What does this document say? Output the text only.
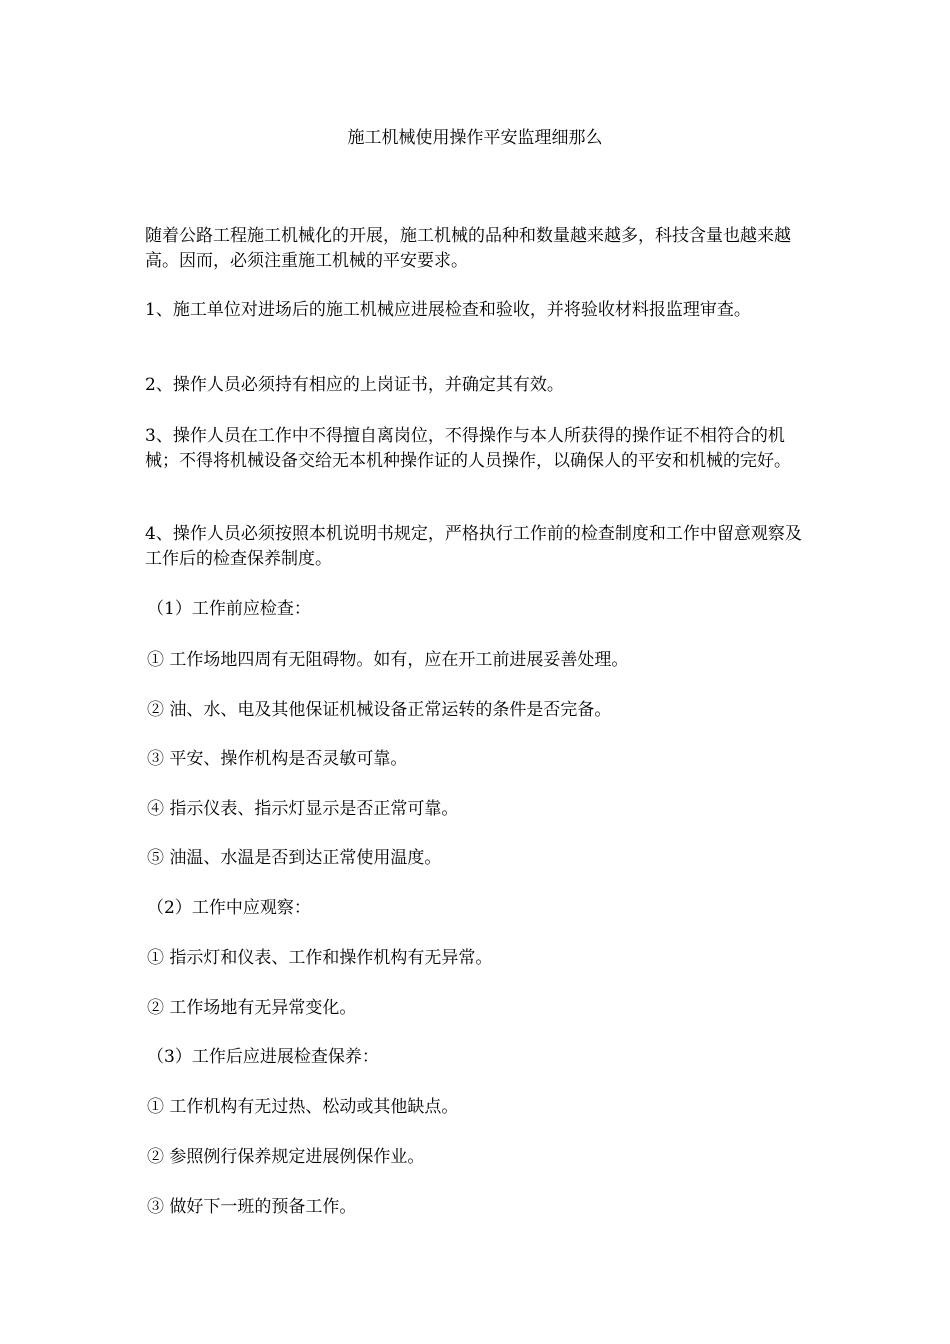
施工机械使用操作平安监理细那么

随着公路工程施工机械化的开展，施工机械的品种和数量越来越多，科技含量也越来越高。因而，必须注重施工机械的平安要求。

1、施工单位对进场后的施工机械应进展检查和验收，并将验收材料报监理审查。

2、操作人员必须持有相应的上岗证书，并确定其有效。

3、操作人员在工作中不得擅自离岗位，不得操作与本人所获得的操作证不相符合的机械；不得将机械设备交给无本机种操作证的人员操作，以确保人的平安和机械的完好。

4、操作人员必须按照本机说明书规定，严格执行工作前的检查制度和工作中留意观察及工作后的检查保养制度。

（1）工作前应检查：

① 工作场地四周有无阻碍物。如有，应在开工前进展妥善处理。

② 油、水、电及其他保证机械设备正常运转的条件是否完备。

③ 平安、操作机构是否灵敏可靠。

④ 指示仪表、指示灯显示是否正常可靠。

⑤ 油温、水温是否到达正常使用温度。

（2）工作中应观察：

① 指示灯和仪表、工作和操作机构有无异常。

② 工作场地有无异常变化。

（3）工作后应进展检查保养：

① 工作机构有无过热、松动或其他缺点。

② 参照例行保养规定进展例保作业。

③ 做好下一班的预备工作。
